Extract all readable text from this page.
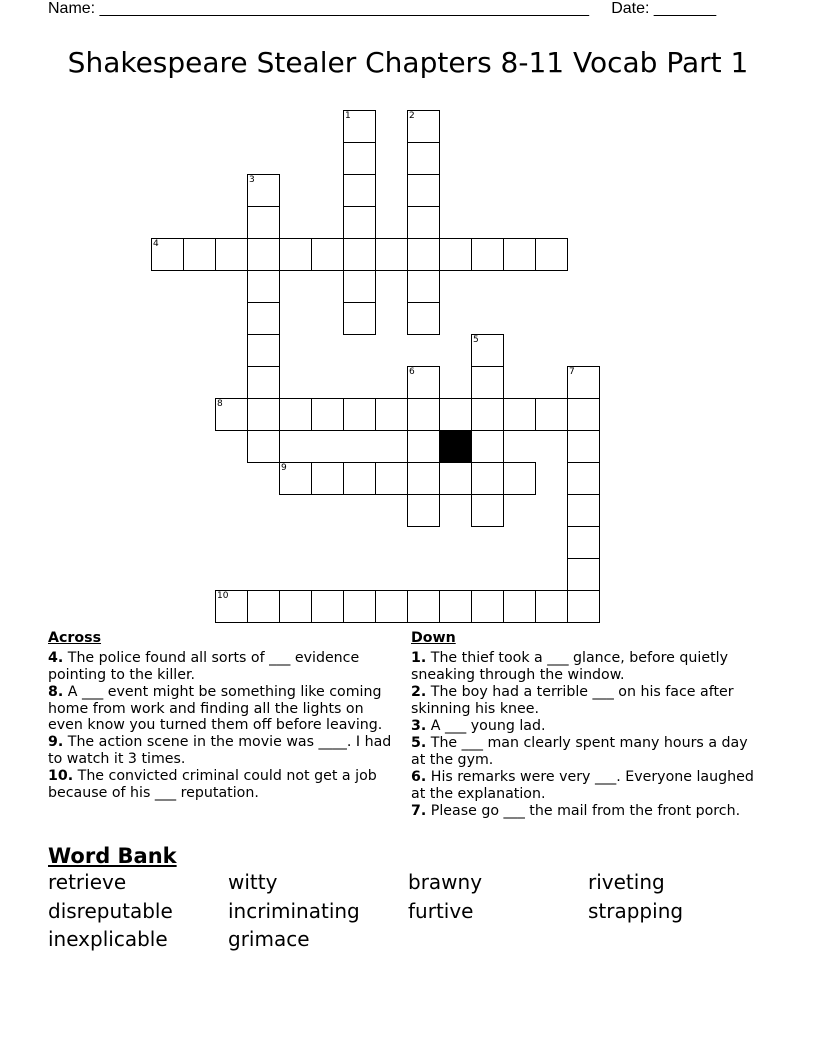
Name: _______________________________________________________     Date: _______
Shakespeare Stealer Chapters 8-11 Vocab Part 1
1	2
3
4
5
6	7
8
9
10
Across
4. The police found all sorts of ___ evidence pointing to the killer.
8. A ___ event might be something like coming home from work and finding all the lights on even know you turned them off before leaving.
9. The action scene in the movie was ____. I had to watch it 3 times.
10. The convicted criminal could not get a job because of his ___ reputation.
Down
1. The thief took a ___ glance, before quietly sneaking through the window.
2. The boy had a terrible ___ on his face after skinning his knee.
3. A ___ young lad.
5. The ___ man clearly spent many hours a day at the gym.
6. His remarks were very ___. Everyone laughed at the explanation.
7. Please go ___ the mail from the front porch.
Word Bank
retrieve	witty	brawny	riveting
disreputable	incriminating	furtive	strapping
inexplicable	grimace
